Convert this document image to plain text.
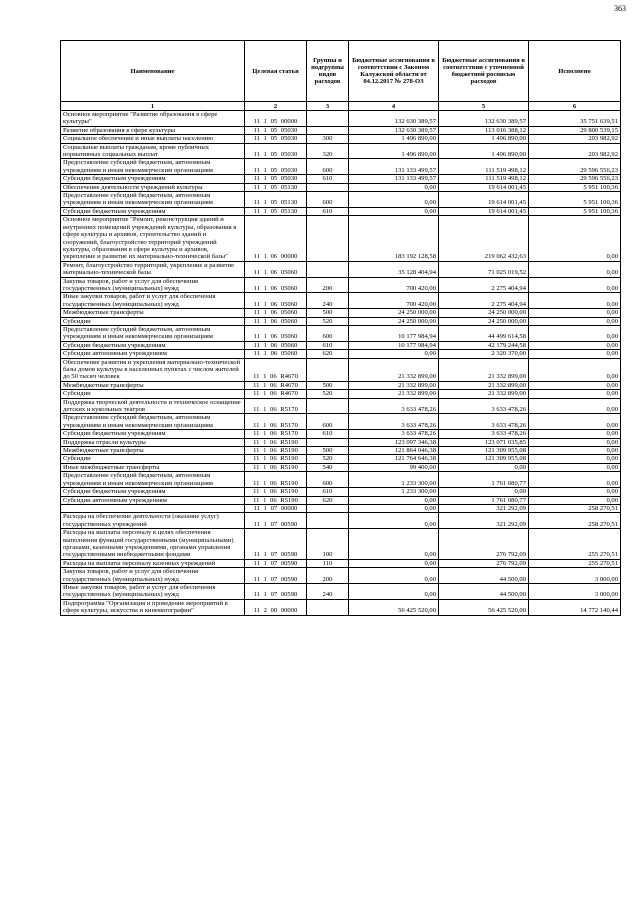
363
Наименование	Целевая статья	Группы и подгруппы видов расходов	Бюджетные ассигнования в соответствии с Законом Калужской области от 04.12.2017 № 278-ОЗ	Бюджетные ассигнования в соответствии с уточненной бюджетной росписью расходов	Исполнено
1	2	3	4	5	6
Основное мероприятие "Развитие образования в сфере культуры"	11 1 05 00000		132 630 389,57	132 630 389,57	35 751 639,51
Развитие образования в сфере культуры	11 1 05 05030		132 630 389,57	113 016 388,12	29 800 539,15
Социальное обеспечение и иные выплаты населению	11 1 05 05030	300	1 496 890,00	1 496 890,00	203 982,92
Социальные выплаты гражданам, кроме публичных нормативных социальных выплат	11 1 05 05030	320	1 496 890,00	1 496 890,00	203 982,92
Предоставление субсидий бюджетным, автономным учреждениям и иным некоммерческим организациям	11 1 05 05030	600	131 133 499,57	111 519 498,12	29 596 556,23
Субсидии бюджетным учреждениям	11 1 05 05030	610	131 133 499,57	111 519 498,12	29 596 556,23
Обеспечение деятельности учреждений культуры	11 1 05 05130		0,00	19 614 001,45	5 951 100,36
Предоставление субсидий бюджетным, автономным учреждениям и иным некоммерческим организациям	11 1 05 05130	600	0,00	19 614 001,45	5 951 100,36
Субсидии бюджетным учреждениям	11 1 05 05130	610	0,00	19 614 001,45	5 951 100,36
Основное мероприятие "Ремонт, реконструкция зданий и внутренних помещений учреждений культуры, образования в сфере культуры и архивов, строительство зданий и сооружений, благоустройство территорий учреждений культуры, образования в сфере культуры и архивов, укрепление и развитие их материально-технической базы"	11 1 06 00000		183 192 128,58	219 062 432,63	0,00
Ремонт, благоустройство территорий, укрепление и развитие материально-технической базы	11 1 06 05060		35 128 404,94	71 025 019,52	0,00
Закупка товаров, работ и услуг для обеспечения государственных (муниципальных) нужд	11 1 06 05060	200	700 420,00	2 275 404,94	0,00
Иные закупки товаров, работ и услуг для обеспечения государственных (муниципальных) нужд	11 1 06 05060	240	700 420,00	2 275 404,94	0,00
Межбюджетные трансферты	11 1 06 05060	500	24 250 000,00	24 250 000,00	0,00
Субсидии	11 1 06 05060	520	24 250 000,00	24 250 000,00	0,00
Предоставление субсидий бюджетным, автономным учреждениям и иным некоммерческим организациям	11 1 06 05060	600	10 177 984,94	44 499 614,58	0,00
Субсидии бюджетным учреждениям	11 1 06 05060	610	10 177 984,94	42 179 244,58	0,00
Субсидии автономным учреждениям	11 1 06 05060	620	0,00	2 320 370,00	0,00
Обеспечение развития и укрепления материально-технической базы домов культуры в населенных пунктах с числом жителей до 50 тысяч человек	11 1 06 R4670		21 332 899,00	21 332 899,00	0,00
Межбюджетные трансферты	11 1 06 R4670	500	21 332 899,00	21 332 899,00	0,00
Субсидии	11 1 06 R4670	520	21 332 899,00	21 332 899,00	0,00
Поддержка творческой деятельности и техническое оснащение детских и кукольных театров	11 1 06 R5170		3 633 478,26	3 633 478,26	0,00
Предоставление субсидий бюджетным, автономным учреждениям и иным некоммерческим организациям	11 1 06 R5170	600	3 633 478,26	3 633 478,26	0,00
Субсидии бюджетным учреждениям	11 1 06 R5170	610	3 633 478,26	3 633 478,26	0,00
Поддержка отрасли культуры	11 1 06 R5190		123 097 346,38	123 071 035,85	0,00
Межбюджетные трансферты	11 1 06 R5190	500	121 864 046,38	121 309 955,08	0,00
Субсидии	11 1 06 R5190	520	121 764 646,38	121 309 955,08	0,00
Иные межбюджетные трансферты	11 1 06 R5190	540	99 400,00	0,00	0,00
Предоставление субсидий бюджетным, автономным учреждениям и иным некоммерческим организациям	11 1 06 R5190	600	1 233 300,00	1 761 080,77	0,00
Субсидии бюджетным учреждениям	11 1 06 R5190	610	1 233 300,00	0,00	0,00
Субсидии автономным учреждениям	11 1 06 R5190	620	0,00	1 761 080,77	0,00
	11 1 07 00000		0,00	321 292,09	258 270,51
Расходы на обеспечение деятельности (оказание услуг) государственных учреждений	11 1 07 00590		0,00	321 292,09	258 270,51
Расходы на выплаты персоналу в целях обеспечения выполнения функций государственными (муниципальными) органами, казенными учреждениями, органами управления государственными внебюджетными фондами	11 1 07 00590	100	0,00	276 792,09	255 270,51
Расходы на выплаты персоналу казенных учреждений	11 1 07 00590	110	0,00	276 792,09	255 270,51
Закупка товаров, работ и услуг для обеспечения государственных (муниципальных) нужд	11 1 07 00590	200	0,00	44 500,00	3 000,00
Иные закупки товаров, работ и услуг для обеспечения государственных (муниципальных) нужд	11 1 07 00590	240	0,00	44 500,00	3 000,00
Подпрограмма "Организация и проведение мероприятий в сфере культуры, искусства и кинематографии"	11 2 00 00000		56 425 520,00	56 425 520,00	14 772 140,44
